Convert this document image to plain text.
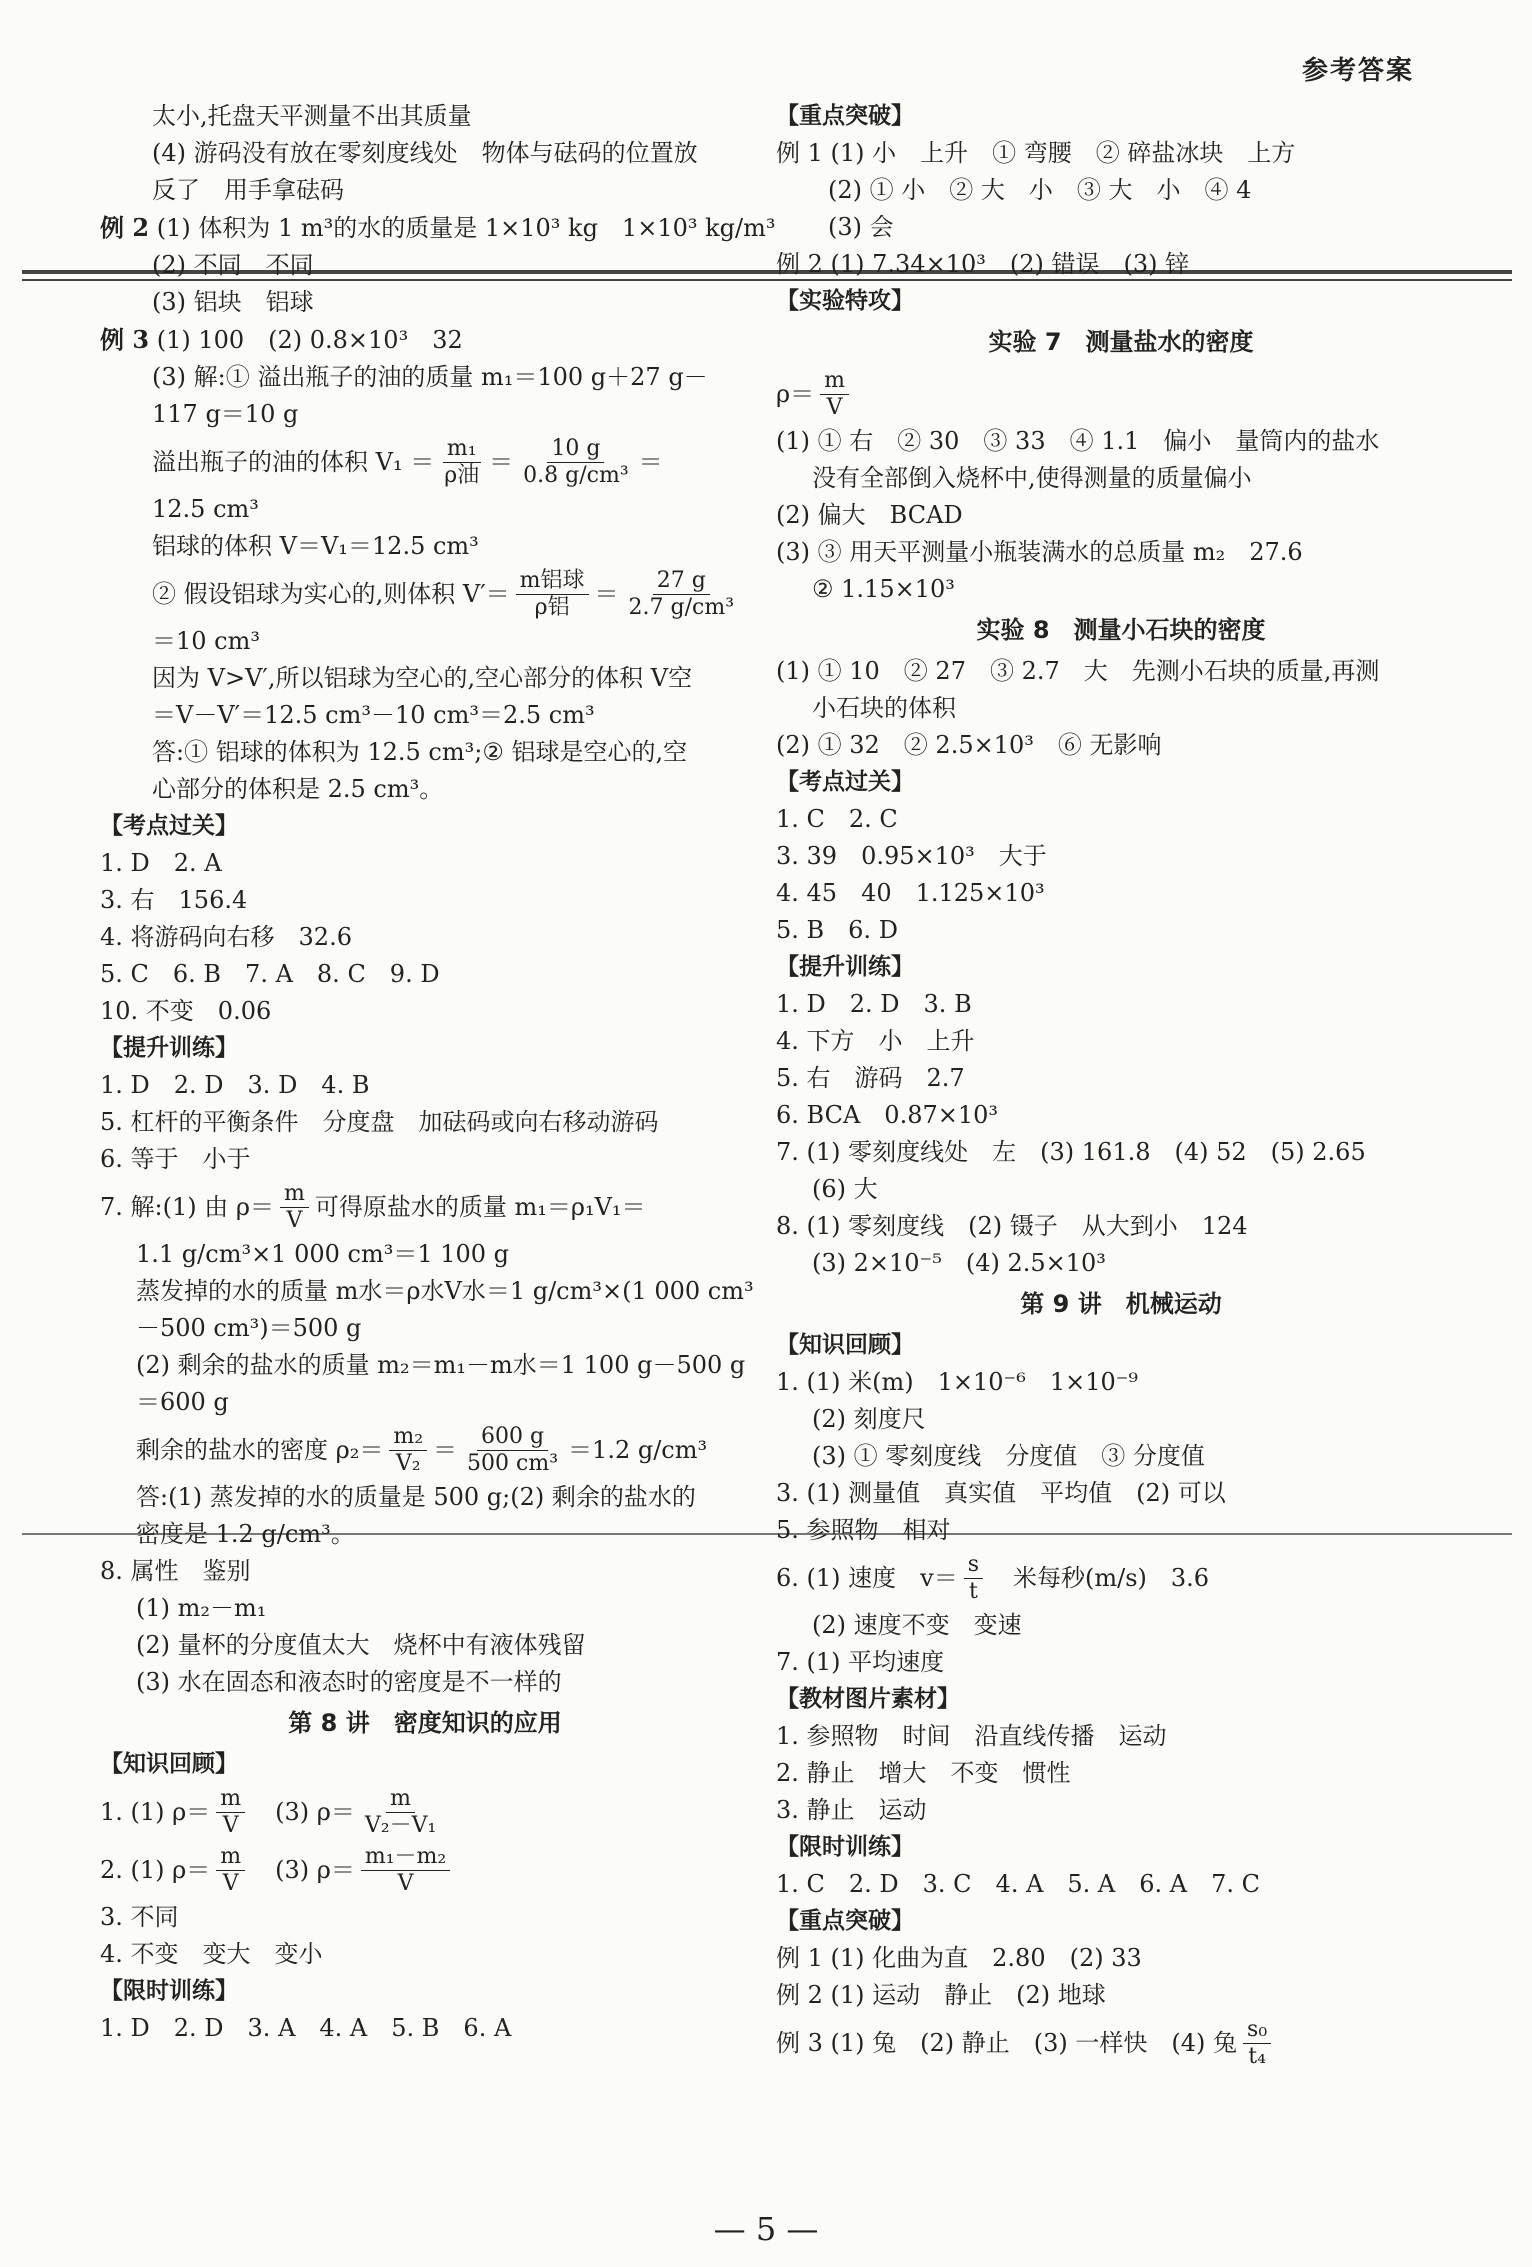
参考答案
太小,托盘天平测量不出其质量
(4) 游码没有放在零刻度线处　物体与砝码的位置放
反了　用手拿砝码
例 2 (1) 体积为 1 m³的水的质量是 1×10³ kg　1×10³ kg/m³
(2) 不同　不同
(3) 铝块　铝球
例 3 (1) 100　(2) 0.8×10³　32
(3) 解:① 溢出瓶子的油的质量 m₁＝100 g＋27 g－
117 g＝10 g
溢出瓶子的油的体积 $V_1 = \frac{\text{m₁}}{\text{ρ油}} = \frac{10 g}{\text{0.8 g/cm³}}$ ＝
12.5 cm³
铝球的体积 V＝V₁＝12.5 cm³
② 假设铝球为实心的,则体积 $V'= \frac{\text{m铝球}}{\text{ρ铝}} = \frac{27 g}{\text{2.7 g/cm³}}$
＝10 cm³
因为 V>V′,所以铝球为空心的,空心部分的体积 V空
＝V－V′＝12.5 cm³－10 cm³＝2.5 cm³
答:① 铝球的体积为 12.5 cm³;② 铝球是空心的,空
心部分的体积是 2.5 cm³。
【考点过关】
1. D　2. A
3. 右　156.4
4. 将游码向右移　32.6
5. C　6. B　7. A　8. C　9. D
10. 不变　0.06
【提升训练】
1. D　2. D　3. D　4. B
5. 杠杆的平衡条件　分度盘　加砝码或向右移动游码
6. 等于　小于
7. 解:(1) 由 $\rho= \frac{m}{V}$ 可得原盐水的质量 m₁＝ρ₁V₁＝
1.1 g/cm³×1 000 cm³＝1 100 g
蒸发掉的水的质量 m水＝ρ水V水＝1 g/cm³×(1 000 cm³
－500 cm³)＝500 g
(2) 剩余的盐水的质量 m₂＝m₁－m水＝1 100 g－500 g
＝600 g
剩余的盐水的密度 $\rho_2= \frac{\text{m₂}}{\text{V₂}} = \frac{600 g}{\text{500 cm³}} =1.2$ g/cm³
答:(1) 蒸发掉的水的质量是 500 g;(2) 剩余的盐水的
密度是 1.2 g/cm³。
8. 属性　鉴别
(1) m₂－m₁
(2) 量杯的分度值太大　烧杯中有液体残留
(3) 水在固态和液态时的密度是不一样的
第 8 讲　密度知识的应用
【知识回顾】
1. (1) $\rho= \frac{m}{V}$ 　(3) $\rho= \frac{m}{\text{V₂－V₁}}$
2. (1) $\rho= \frac{m}{V}$ 　(3) $\rho= \frac{\text{m₁－m₂}}{V}$
3. 不同
4. 不变　变大　变小
【限时训练】
1. D　2. D　3. A　4. A　5. B　6. A
【重点突破】
例 1 (1) 小　上升　① 弯腰　② 碎盐冰块　上方
(2) ① 小　② 大　小　③ 大　小　④ 4
(3) 会
例 2 (1) 7.34×10³　(2) 错误　(3) 锌
【实验特攻】
实验 7　测量盐水的密度
$\rho= \frac{m}{V}$
(1) ① 右　② 30　③ 33　④ 1.1　偏小　量筒内的盐水
没有全部倒入烧杯中,使得测量的质量偏小
(2) 偏大　BCAD
(3) ③ 用天平测量小瓶装满水的总质量 m₂　27.6
② 1.15×10³
实验 8　测量小石块的密度
(1) ① 10　② 27　③ 2.7　大　先测小石块的质量,再测
小石块的体积
(2) ① 32　② 2.5×10³　⑥ 无影响
【考点过关】
1. C　2. C
3. 39　0.95×10³　大于
4. 45　40　1.125×10³
5. B　6. D
【提升训练】
1. D　2. D　3. B
4. 下方　小　上升
5. 右　游码　2.7
6. BCA　0.87×10³
7. (1) 零刻度线处　左　(3) 161.8　(4) 52　(5) 2.65
(6) 大
8. (1) 零刻度线　(2) 镊子　从大到小　124
(3) 2×10⁻⁵　(4) 2.5×10³
第 9 讲　机械运动
【知识回顾】
1. (1) 米(m)　1×10⁻⁶　1×10⁻⁹
(2) 刻度尺
(3) ① 零刻度线　分度值　③ 分度值
3. (1) 测量值　真实值　平均值　(2) 可以
5. 参照物　相对
6. (1) 速度　$v= \frac{s}{t}$ 　米每秒(m/s)　3.6
(2) 速度不变　变速
7. (1) 平均速度
【教材图片素材】
1. 参照物　时间　沿直线传播　运动
2. 静止　增大　不变　惯性
3. 静止　运动
【限时训练】
1. C　2. D　3. C　4. A　5. A　6. A　7. C
【重点突破】
例 1 (1) 化曲为直　2.80　(2) 33
例 2 (1) 运动　静止　(2) 地球
例 3 (1) 兔　(2) 静止　(3) 一样快　(4) 兔 $\frac{\text{s₀}}{\text{t₄}}$
— 5 —
